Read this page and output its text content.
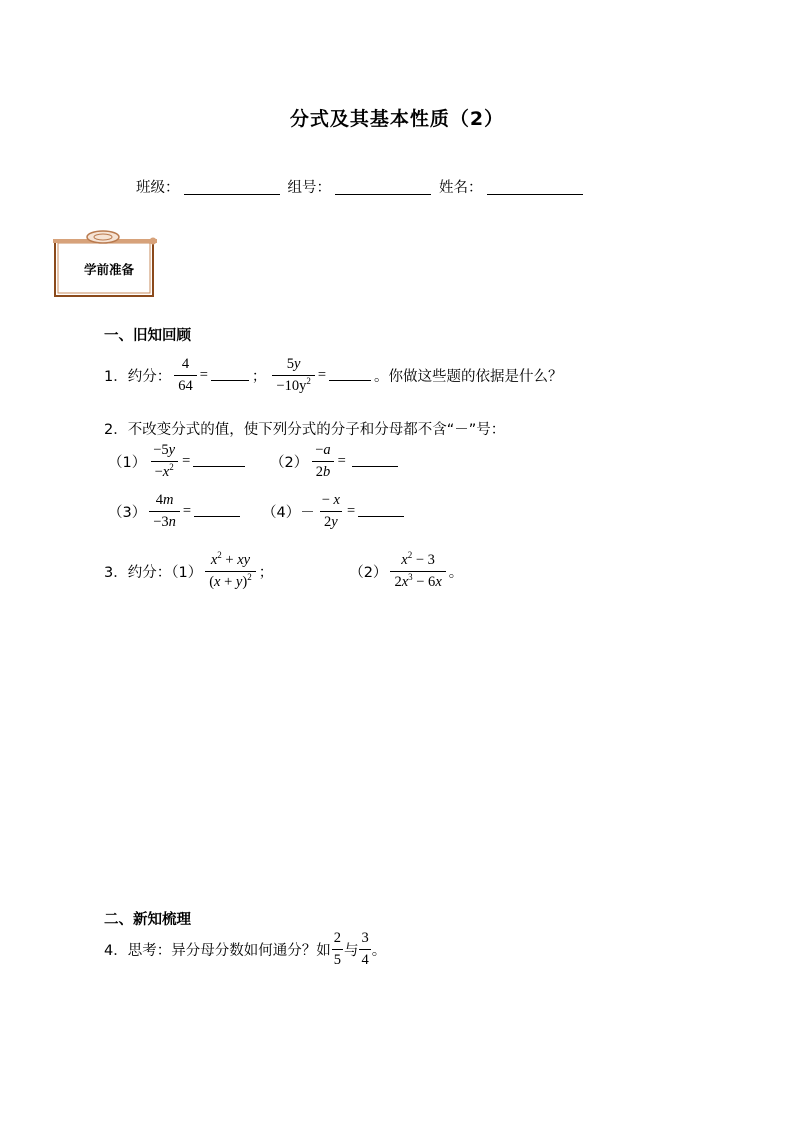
分式及其基本性质（2）
班级：	组号：	姓名：
学前准备
一、旧知回顾
1．约分： $\frac{4}{64}$ =	； $\frac{5y}{-10y^2}$ =	。你做这些题的依据是什么？
2．不改变分式的值，使下列分式的分子和分母都不含“－”号：
$(1) \frac{-5y}{-x^2}$ =	$(2) \frac{-a}{2b}$ =
$(3) \frac{4m}{-3n}$ =	$(4) - \frac{- x}{2y}$ =
3．约分：$(1) \frac{x^2 + xy}{(x + y)^2}$ ；	$(2) \frac{x^2 - 3}{2x^3 - 6x}$ 。
二、新知梳理
4．思考：异分母分数如何通分？如 $\frac{2}{5}$ 与 $\frac{3}{4}$ 。
